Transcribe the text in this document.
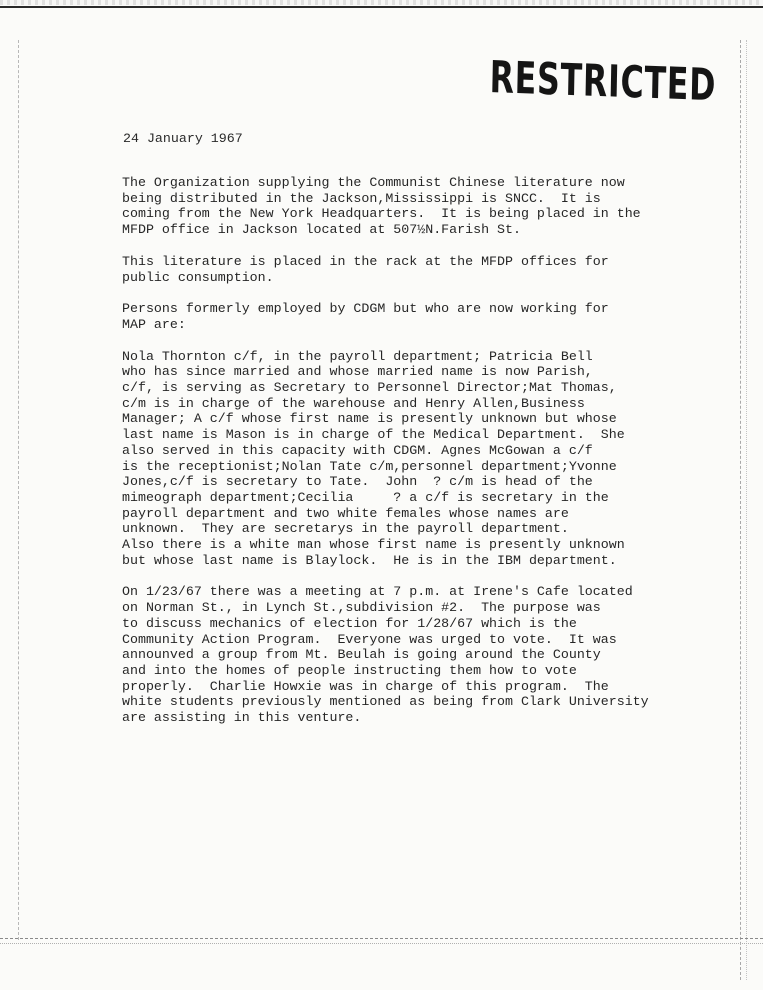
RESTRICTED
24 January 1967
The Organization supplying the Communist Chinese literature now
being distributed in the Jackson,Mississippi is SNCC.  It is
coming from the New York Headquarters.  It is being placed in the
MFDP office in Jackson located at 507½N.Farish St.
This literature is placed in the rack at the MFDP offices for
public consumption.
Persons formerly employed by CDGM but who are now working for
MAP are:
Nola Thornton c/f, in the payroll department; Patricia Bell
who has since married and whose married name is now Parish,
c/f, is serving as Secretary to Personnel Director;Mat Thomas,
c/m is in charge of the warehouse and Henry Allen,Business
Manager; A c/f whose first name is presently unknown but whose
last name is Mason is in charge of the Medical Department.  She
also served in this capacity with CDGM. Agnes McGowan a c/f
is the receptionist;Nolan Tate c/m,personnel department;Yvonne
Jones,c/f is secretary to Tate.  John  ? c/m is head of the
mimeograph department;Cecilia     ? a c/f is secretary in the
payroll department and two white females whose names are
unknown.  They are secretarys in the payroll department.
Also there is a white man whose first name is presently unknown
but whose last name is Blaylock.  He is in the IBM department.
On 1/23/67 there was a meeting at 7 p.m. at Irene's Cafe located
on Norman St., in Lynch St.,subdivision #2.  The purpose was
to discuss mechanics of election for 1/28/67 which is the
Community Action Program.  Everyone was urged to vote.  It was
announved a group from Mt. Beulah is going around the County
and into the homes of people instructing them how to vote
properly.  Charlie Howxie was in charge of this program.  The
white students previously mentioned as being from Clark University
are assisting in this venture.
